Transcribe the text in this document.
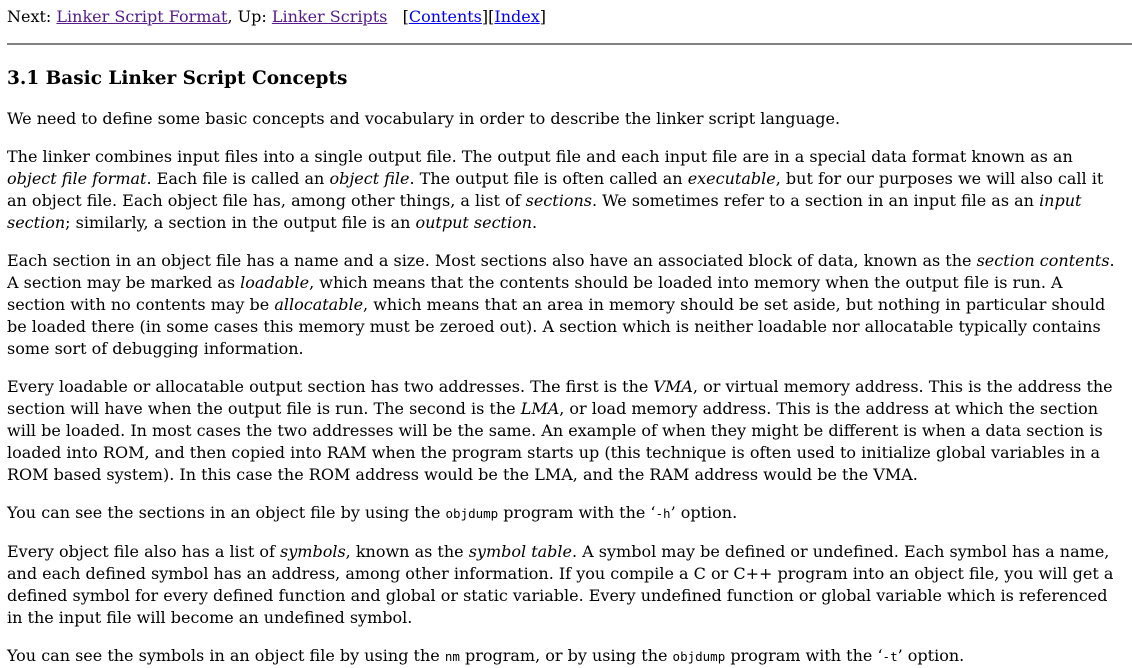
Next: Linker Script Format, Up: Linker Scripts [Contents][Index]
3.1 Basic Linker Script Concepts

We need to define some basic concepts and vocabulary in order to describe the linker script language.

The linker combines input files into a single output file. The output file and each input file are in a special data format known as an object file format. Each file is called an object file. The output file is often called an executable, but for our purposes we will also call it an object file. Each object file has, among other things, a list of sections. We sometimes refer to a section in an input file as an input section; similarly, a section in the output file is an output section.

Each section in an object file has a name and a size. Most sections also have an associated block of data, known as the section contents. A section may be marked as loadable, which means that the contents should be loaded into memory when the output file is run. A section with no contents may be allocatable, which means that an area in memory should be set aside, but nothing in particular should be loaded there (in some cases this memory must be zeroed out). A section which is neither loadable nor allocatable typically contains some sort of debugging information.

Every loadable or allocatable output section has two addresses. The first is the VMA, or virtual memory address. This is the address the section will have when the output file is run. The second is the LMA, or load memory address. This is the address at which the section will be loaded. In most cases the two addresses will be the same. An example of when they might be different is when a data section is loaded into ROM, and then copied into RAM when the program starts up (this technique is often used to initialize global variables in a ROM based system). In this case the ROM address would be the LMA, and the RAM address would be the VMA.

You can see the sections in an object file by using the objdump program with the ‘-h’ option.

Every object file also has a list of symbols, known as the symbol table. A symbol may be defined or undefined. Each symbol has a name, and each defined symbol has an address, among other information. If you compile a C or C++ program into an object file, you will get a defined symbol for every defined function and global or static variable. Every undefined function or global variable which is referenced in the input file will become an undefined symbol.

You can see the symbols in an object file by using the nm program, or by using the objdump program with the ‘-t’ option.
